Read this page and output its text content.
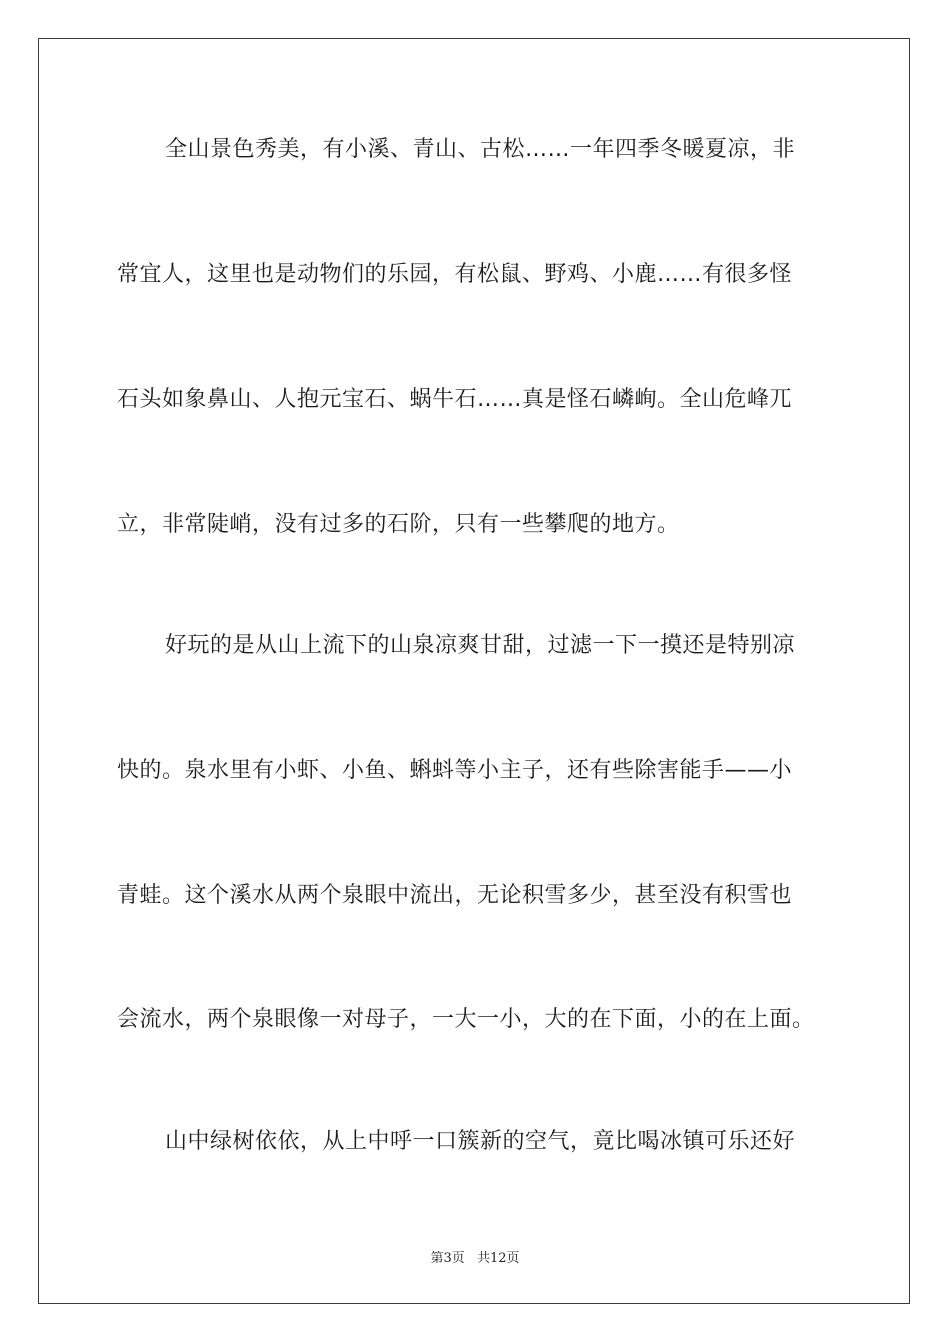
全山景色秀美，有小溪、青山、古松……一年四季冬暖夏凉，非
常宜人，这里也是动物们的乐园，有松鼠、野鸡、小鹿……有很多怪
石头如象鼻山、人抱元宝石、蜗牛石……真是怪石嶙峋。全山危峰兀
立，非常陡峭，没有过多的石阶，只有一些攀爬的地方。
好玩的是从山上流下的山泉凉爽甘甜，过滤一下一摸还是特别凉
快的。泉水里有小虾、小鱼、蝌蚪等小主子，还有些除害能手——小
青蛙。这个溪水从两个泉眼中流出，无论积雪多少，甚至没有积雪也
会流水，两个泉眼像一对母子，一大一小，大的在下面，小的在上面。
山中绿树依依，从上中呼一口簇新的空气，竟比喝冰镇可乐还好
第3页 共12页
